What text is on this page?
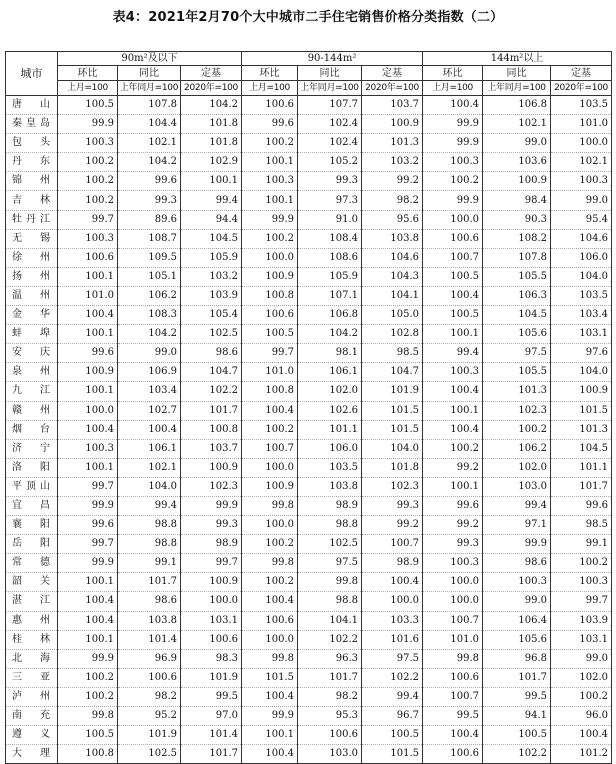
表4：2021年2月70个大中城市二手住宅销售价格分类指数（二）
城市	90m²及以下			90-144m²			144m²以上		
	环比	同比	定基	环比	同比	定基	环比	同比	定基
	上月=100	上年同月=100	2020年=100	上月=100	上年同月=100	2020年=100	上月=100	上年同月=100	2020年=100
唐山	100.5	107.8	104.2	100.6	107.7	103.7	100.4	106.8	103.5
秦皇岛	99.9	104.4	101.8	99.6	102.4	100.9	99.9	102.1	101.0
包头	100.3	102.1	101.8	100.2	102.4	101.3	99.9	99.0	100.0
丹东	100.2	104.2	102.9	100.1	105.2	103.2	100.3	103.6	102.1
锦州	100.2	99.6	100.1	100.3	99.3	99.2	100.2	100.9	100.3
吉林	100.2	99.3	99.4	100.1	97.3	98.2	99.9	98.4	99.0
牡丹江	99.7	89.6	94.4	99.9	91.0	95.6	100.0	90.3	95.4
无锡	100.3	108.7	104.5	100.2	108.4	103.8	100.6	108.2	104.6
徐州	100.6	109.5	105.9	100.0	108.6	104.6	100.7	107.8	106.0
扬州	100.1	105.1	103.2	100.9	105.9	104.3	100.5	105.5	104.0
温州	101.0	106.2	103.9	100.8	107.1	104.1	100.4	106.3	103.5
金华	100.4	108.3	105.4	100.6	106.8	105.0	100.5	104.5	103.4
蚌埠	100.1	104.2	102.5	100.5	104.2	102.8	100.1	105.6	103.1
安庆	99.6	99.0	98.6	99.7	98.1	98.5	99.4	97.5	97.6
泉州	100.9	106.9	104.7	101.0	106.1	104.7	100.3	105.5	104.0
九江	100.1	103.4	102.2	100.8	102.0	101.9	100.4	101.3	100.9
赣州	100.0	102.7	101.7	100.4	102.6	101.5	100.1	102.3	101.5
烟台	100.4	100.4	100.8	100.2	101.1	101.5	100.4	100.2	101.3
济宁	100.3	106.1	103.7	100.7	106.0	104.0	100.2	106.2	104.5
洛阳	100.1	102.1	100.9	100.0	103.5	101.8	99.2	102.0	101.1
平顶山	99.7	104.0	102.3	100.9	103.8	102.3	100.1	103.0	101.7
宜昌	99.9	99.4	99.9	99.8	98.9	99.3	99.6	99.4	99.6
襄阳	99.6	98.8	99.3	100.0	98.8	99.2	99.2	97.1	98.5
岳阳	99.7	98.8	98.9	100.2	102.5	100.7	99.3	99.9	99.1
常德	99.9	99.1	99.7	99.8	97.5	98.9	100.3	98.6	100.2
韶关	100.1	101.7	100.9	100.2	99.8	100.4	100.0	100.3	100.3
湛江	100.4	98.6	100.0	100.4	98.8	100.0	100.0	99.0	99.7
惠州	100.4	103.8	103.1	100.6	104.1	103.3	100.7	106.4	103.9
桂林	100.1	101.4	100.6	100.0	102.2	101.6	101.0	105.6	103.1
北海	99.9	96.9	98.3	99.8	96.3	97.5	99.8	96.8	99.0
三亚	100.2	100.6	101.9	101.5	101.7	102.2	100.6	101.7	102.0
泸州	100.2	98.2	99.5	100.4	98.2	99.4	100.7	99.5	100.2
南充	99.8	95.2	97.0	99.9	95.3	96.7	99.5	94.1	96.0
遵义	100.5	101.9	101.4	100.1	100.6	100.5	100.4	100.5	100.4
大理	100.8	102.5	101.7	100.4	103.0	101.5	100.6	102.2	101.2
